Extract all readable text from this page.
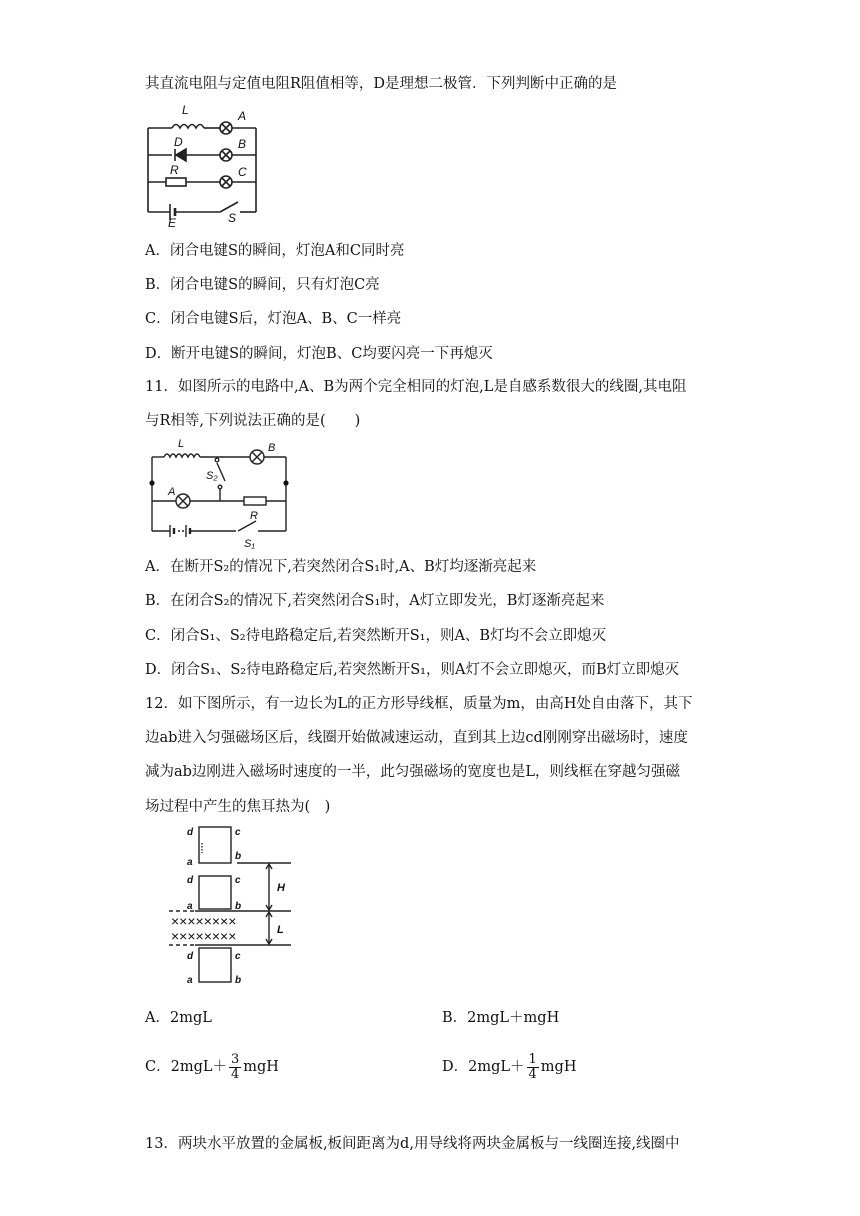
其直流电阻与定值电阻R阻值相等，D是理想二极管．下列判断中正确的是
L	A
D	B
R	C
E	S
A．闭合电键S的瞬间，灯泡A和C同时亮
B．闭合电键S的瞬间，只有灯泡C亮
C．闭合电键S后，灯泡A、B、C一样亮
D．断开电键S的瞬间，灯泡B、C均要闪亮一下再熄灭
11．如图所示的电路中,A、B为两个完全相同的灯泡,L是自感系数很大的线圈,其电阻
与R相等,下列说法正确的是(　　)
L	B
S₂
A
R
S₁
A．在断开S₂的情况下,若突然闭合S₁时,A、B灯均逐渐亮起来
B．在闭合S₂的情况下,若突然闭合S₁时，A灯立即发光，B灯逐渐亮起来
C．闭合S₁、S₂待电路稳定后,若突然断开S₁，则A、B灯均不会立即熄灭
D．闭合S₁、S₂待电路稳定后,若突然断开S₁，则A灯不会立即熄灭，而B灯立即熄灭
12．如下图所示，有一边长为L的正方形导线框，质量为m，由高H处自由落下，其下
边ab进入匀强磁场区后，线圈开始做减速运动，直到其上边cd刚刚穿出磁场时，速度
减为ab边刚进入磁场时速度的一半，此匀强磁场的宽度也是L，则线框在穿越匀强磁
场过程中产生的焦耳热为(　)
d	c
a
b
d	c
a	b
d	c
a	b
H
L
××××××××
××××××××
A．2mgL	B．2mgL＋mgH
C．$2mgL+ \frac{3}{4}$ mgH	D．$2mgL+ \frac{1}{4}$ mgH
13．两块水平放置的金属板,板间距离为d,用导线将两块金属板与一线圈连接,线圈中
